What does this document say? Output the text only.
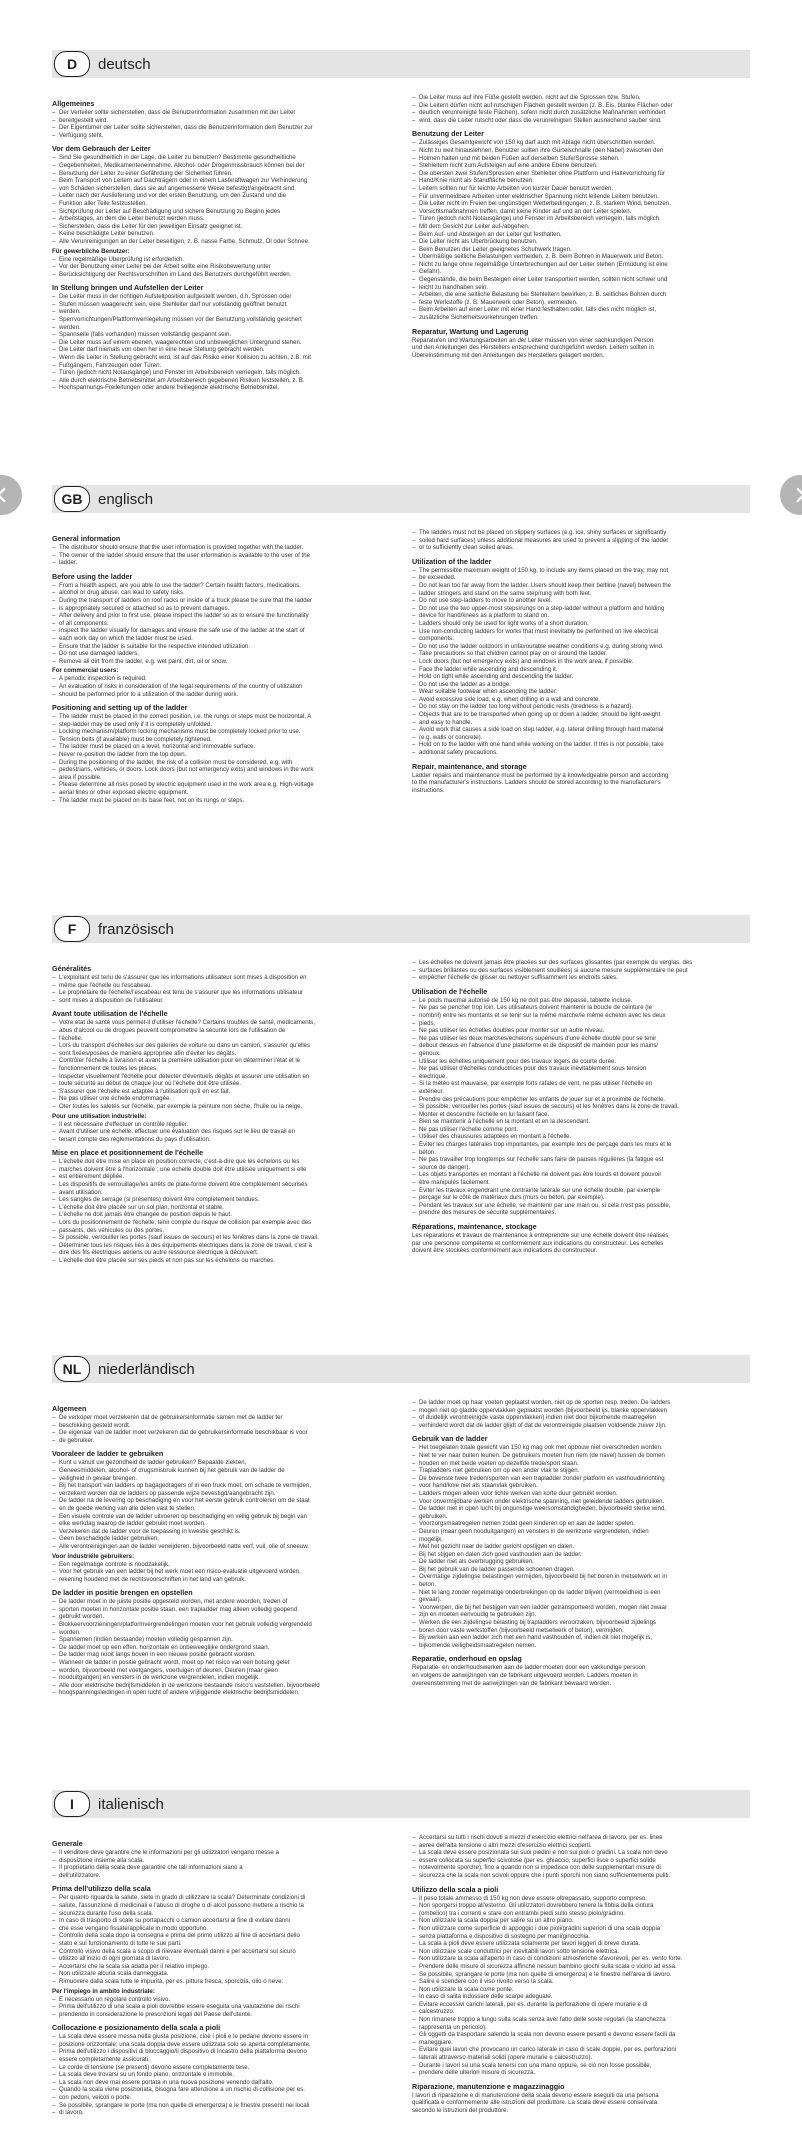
D	deutsch
Allgemeines
– Der Verteiler sollte sicherstellen, dass die Benutzerinformation zusammen mit der Leiter
– bereitgestellt wird.
– Der Eigentümer der Leiter sollte sicherstellen, dass die Benutzerinformation dem Benutzer zur
– Verfügung steht.
Vor dem Gebrauch der Leiter
– Sind Sie gesundheitlich in der Lage, die Leiter zu benutzen? Bestimmte gesundheitliche
– Gegebenheiten, Medikamenteneinnahme, Alkohol- oder Drogenmissbrauch können bei der
– Benutzung der Leiter zu einer Gefährdung der Sicherheit führen.
– Beim Transport von Leitern auf Dachträgern oder in einem Lastkraftwagen zur Verhinderung
– von Schäden sicherstellen, dass sie auf angemessene Weise befestigt/angebracht sind.
– Leiter nach der Auslieferung und vor der ersten Benutzung, um den Zustand und die
– Funktion aller Teile festzustellen.
– Sichtprüfung der Leiter auf Beschädigung und sichere Benutzung zu Beginn jedes
– Arbeitstages, an dem die Leiter benutzt werden muss.
– Sicherstellen, dass die Leiter für den jeweiligen Einsatz geeignet ist.
– Keine beschädigte Leiter benutzen.
– Alle Verunreinigungen an der Leiter beseitigen, z. B. nasse Farbe, Schmutz, Öl oder Schnee.
Für gewerbliche Benutzer:
– Eine regelmäßige Überprüfung ist erforderlich.
– Vor der Benutzung einer Leiter bei der Arbeit sollte eine Risikobewertung unter
– Berücksichtigung der Rechtsvorschriften im Land des Benutzers durchgeführt werden.
In Stellung bringen und Aufstellen der Leiter
– Die Leiter muss in der richtigen Aufstellposition aufgestellt werden, d.h. Sprossen oder
– Stufen müssen waagerecht sein, eine Stehleiter darf nur vollständig geöffnet benutzt
– werden.
– Sperrvorrichtungen/Plattformverriegelung müssen vor der Benutzung vollständig gesichert
– werden.
– Spannseile (falls vorhanden) müssen vollständig gespannt sein.
– Die Leiter muss auf einem ebenen, waagerechten und unbeweglichen Untergrund stehen.
– Die Leiter darf niemals von oben her in eine neue Stellung gebracht werden.
– Wenn die Leiter in Stellung gebracht wird, ist auf das Risiko einer Kollision zu achten, z.B. mit
– Fußgängern, Fahrzeugen oder Türen.
– Türen (jedoch nicht Notausgänge) und Fenster im Arbeitsbereich verriegeln, falls möglich.
– Alle durch elektrische Betriebsmittel am Arbeitsbereich gegebenen Risiken feststellen, z. B.
– Hochspannungs-Freileitungen oder andere freiliegende elektrische Betriebsmittel.
– Die Leiter muss auf ihre Füße gestellt werden, nicht auf die Sprossen bzw. Stufen.
– Die Leitern dürfen nicht auf rutschigen Flächen gestellt werden (z. B. Eis, blanke Flächen oder
– deutlich verunreinigte feste Flächen), sofern nicht durch zusätzliche Maßnahmen verhindert
– wird, dass die Leiter rutscht oder dass die verunreinigten Stellen ausreichend sauber sind.
Benutzung der Leiter
– Zulässiges Gesamtgewicht von 150 kg darf auch mit Ablage nicht überschritten werden.
– Nicht zu weit hinauslehnen, Benutzer sollten ihre Gürtelschnalle (den Nabel) zwischen den
– Holmen halten und mit beiden Füßen auf derselben Stufe/Sprosse stehen.
– Stehleitern nicht zum Aufsteigen auf eine andere Ebene benutzen.
– Die obersten zwei Stufen/Sprossen einer Stehleiter ohne Plattform und Haltevorrichtung für
– Hand/Knie nicht als Standfläche benutzen.
– Leitern sollten nur für leichte Arbeiten von kurzer Dauer benutzt werden.
– Für unvermeidbare Arbeiten unter elektrischer Spannung nicht leitende Leitern benutzen.
– Die Leiter nicht im Freien bei ungünstigen Wetterbedingungen, z. B. starkem Wind, benutzen.
– Vorsichtsmaßnahmen treffen, damit keine Kinder auf und an der Leiter spielen.
– Türen (jedoch nicht Notausgänge) und Fenster im Arbeitsbereich verriegeln, falls möglich.
– Mit dem Gesicht zur Leiter auf-/abgehen.
– Beim Auf- und Absteigen an der Leiter gut festhalten.
– Die Leiter nicht als Überbrückung benutzen.
– Beim Benutzen der Leiter geeignetes Schuhwerk tragen.
– Übermäßige seitliche Belastungen vermeiden, z. B. beim Bohren in Mauerwerk und Beton.
– Nicht zu lange ohne regelmäßige Unterbrechungen auf der Leiter stehen (Ermüdung ist eine
– Gefahr).
– Gegenstände, die beim Besteigen einer Leiter transportiert werden, sollten nicht schwer und
– leicht zu handhaben sein.
– Arbeiten, die eine seitliche Belastung bei Stehleitern bewirken, z. B. seitliches Bohren durch
– feste Werkstoffe (z. B. Mauerwerk oder Beton), vermeiden.
– Beim Arbeiten auf einer Leiter mit einer Hand festhalten oder, falls dies nicht möglich ist,
– zusätzliche Sicherheitsvorkehrungen treffen.
Reparatur, Wartung und Lagerung

Reparaturen und Wartungsarbeiten an der Leiter müssen von einer sachkundigen Person
und den Anleitungen des Herstellers entsprechend durchgeführt werden. Leitern sollten in
Übereinstimmung mit den Anleitungen des Herstellers gelagert werden.

GB	englisch
General information
– The distributor should ensure that the user information is provided together with the ladder.
– The owner of the ladder should ensure that the user information is available to the user of the
– ladder.
Before using the ladder
– From a health aspect, are you able to use the ladder? Certain health factors, medications,
– alcohol or drug abuse, can lead to safety risks.
– During the transport of ladders on roof racks or inside of a truck please be sure that the ladder
– is appropriately secured or attached so as to prevent damages.
– After delivery and prior to first use, please inspect the ladder so as to ensure the functionality
– of all components.
– Inspect the ladder visually for damages and ensure the safe use of the ladder at the start of
– each work day on which the ladder must be used.
– Ensure that the ladder is suitable for the respective intended utilization.
– Do not use damaged ladders.
– Remove all dirt from the ladder, e.g. wet paint, dirt, oil or snow.
For commercial users:
– A periodic inspection is required.
– An evaluation of risks in consideration of the legal requirements of the country of utilization
– should be performed prior to a utilization of the ladder during work.
Positioning and setting up of the ladder
– The ladder must be placed in the correct position, i.e. the rungs or steps must be horizontal. A
– step-ladder may be used only if it is completely unfolded.
– Locking mechanism/platform locking mechanisms must be completely locked prior to use.
– Tension belts (if available) must be completely tightened.
– The ladder must be placed on a level, horizontal and immovable surface.
– Never re-position the ladder from the top down.
– During the positioning of the ladder, the risk of a collision must be considered, e.g. with
– pedestrians, vehicles, or doors. Lock doors (but not emergency exits) and windows in the work
– area if possible.
– Please determine all risks posed by electric equipment used in the work area e.g. High-voltage
– aerial lines or other exposed electric equipment.
– The ladder must be placed on its base feet, not on its rungs or steps.
– The ladders must not be placed on slippery surfaces (e.g. ice, shiny surfaces or significantly
– soiled hard surfaces) unless additional measures are used to prevent a slipping of the ladder
– or to sufficiently clean soiled areas.
Utilization of the ladder
– The permissible maximum weight of 150 kg, to include any items placed on the tray, may not
– be exceeded.
– Do not lean too far away from the ladder. Users should keep their beltline (navel) between the
– ladder stringers and stand on the same step/rung with both feet.
– Do not use step-ladders to move to another level.
– Do not use the two upper-most steps/rungs on a step-ladder without a platform and holding
– device for hand/knees as a platform to stand on.
– Ladders should only be used for light works of a short duration.
– Use non-conducting ladders for works that must inevitably be performed on live electrical
– components.
– Do not use the ladder outdoors in unfavourable weather conditions e.g. during strong wind.
– Take precautions so that children cannot play on or around the ladder.
– Lock doors (but not emergency exits) and windows in the work area, if possible.
– Face the ladder while ascending and descending it.
– Hold on tight while ascending and descending the ladder.
– Do not use the ladder as a bridge.
– Wear suitable footwear when ascending the ladder.
– Avoid excessive side load, e.g. when drilling in a wall and concrete.
– Do not stay on the ladder too long without periodic rests (tiredness is a hazard).
– Objects that are to be transported when going up or down a ladder, should be light-weight
– and easy to handle.
– Avoid work that causes a side load on step ladder, e.g. lateral drilling through hard material
– (e.g. walls or concrete).
– Hold on to the ladder with one hand while working on the ladder. If this is not possible, take
– additional safety precautions.
Repair, maintenance, and storage

Ladder repairs and maintenance must be performed by a knowledgeable person and according
to the manufacturer's instructions. Ladders should be stored according to the manufacturer's
instructions.

F	französisch
Généralités
– L'exploitant est tenu de s'assurer que les informations utilisateur sont mises à disposition en
– même que l'échelle ou l'escabeau.
– Le propriétaire de l'échelle/l'escabeau est tenu de s'assurer que les informations utilisateur
– sont mises à disposition de l'utilisateur.
Avant toute utilisation de l'échelle
– Votre état de santé vous permet-il d'utiliser l'échelle? Certains troubles de santé, médicaments,
– abus d'alcool ou de drogues peuvent compromettre la sécurité lors de l'utilisation de
– l'échelle.
– Lors du transport d'échelles sur des galeries de voiture ou dans un camion, s'assurer qu'elles
– sont fixées/posées de manière appropriée afin d'éviter les dégâts.
– Contrôler l'échelle à livraison et avant la première utilisation pour en déterminer l'état et le
– fonctionnement de toutes les pièces.
– Inspecter visuellement l'échelle pour détecter d'éventuels dégâts et assurer une utilisation en
– toute sécurité au début de chaque jour où l'échelle doit être utilisée.
– S'assurer que l'échelle est adaptée à l'utilisation qu'il en est fait.
– Ne pas utiliser une échelle endommagée.
– Ôter toutes les saletés sur l'échelle, par exemple la peinture non sèche, l'huile ou la neige.
Pour une utilisation industrielle:
– Il est nécessaire d'effectuer un contrôle régulier.
– Avant d'utiliser une échelle, effectuer une évaluation des risques sur le lieu de travail en
– tenant compte des réglementations du pays d'utilisation.
Mise en place et positionnement de l'échelle
– L'échelle doit être mise en place en position correcte, c'est-à-dire que les échelons ou les
– marches doivent être à l'horizontale ; une échelle double doit être utilisée uniquement si elle
– est entièrement dépliée.
– Les dispositifs de verrouillage/les arrêts de plate-forme doivent être complètement sécurisés
– avant utilisation.
– Les sangles de serrage (si présentes) doivent être complètement tendues.
– L'échelle doit être placée sur un sol plan, horizontal et stable.
– L'échelle ne doit jamais être changée de position depuis le haut.
– Lors du positionnement de l'échelle, tenir compte du risque de collision par exemple avec des
– passants, des véhicules ou des portes.
– Si possible, verrouiller les portes (sauf issues de secours) et les fenêtres dans la zone de travail.
– Déterminer tous les risques liés à des équipements électriques dans la zone de travail, c'est à
– dire des fils électriques aériens ou autre ressource électrique à découvert.
– L'échelle doit être placée sur ses pieds et non pas sur les échelons ou marches.
– Les échelles ne doivent jamais être placées sur des surfaces glissantes (par exemple du verglas, des
– surfaces brillantes ou des surfaces visiblement souillées) si aucune mesure supplémentaire ne peut
– empêcher l'échelle de glisser ou nettoyer suffisamment les endroits sales.
Utilisation de l'échelle
– Le poids maximal autorisé de 150 kg ne doit pas être dépassé, tablette incluse.
– Ne pas se pencher trop loin. Les utilisateurs doivent maintenir la boucle de ceinture (le
– nombril) entre les montants et se tenir sur la même marche/le même échelon avec les deux
– pieds.
– Ne pas utiliser les échelles doubles pour monter sur un autre niveau.
– Ne pas utiliser les deux marches/échelons supérieurs d'une échelle double pour se tenir
– debout dessus en l'absence d'une plateforme et de dispositif de maintien pour les mains/
– genoux.
– Utiliser les échelles uniquement pour des travaux légers de courte durée.
– Ne pas utiliser d'échelles conductrices pour des travaux inévitablement sous tension
– électrique.
– Si la météo est mauvaise, par exemple forts rafales de vent, ne pas utiliser l'échelle en
– extérieur.
– Prendre des précautions pour empêcher les enfants de jouer sur et à proximité de l'échelle.
– Si possible, verrouiller les portes (sauf issues de secours) et les fenêtres dans la zone de travail.
– Monter et descendre l'échelle en lui faisant face.
– Bien se maintenir à l'échelle en la montant et en la descendant.
– Ne pas utiliser l'échelle comme pont.
– Utiliser des chaussures adaptées en montant à l'échelle.
– Éviter les charges latérales trop importantes, par exemple lors de perçage dans les murs et le
– béton.
– Ne pas travailler trop longtemps sur l'échelle sans faire de pauses régulières (la fatigue est
– source de danger).
– Les objets transportés en montant à l'échelle ne doivent pas être lourds et doivent pouvoir
– être manipulés facilement.
– Éviter les travaux engendrant une contrainte latérale sur une échelle double, par exemple
– perçage sur le côté de matériaux durs (murs ou béton, par exemple).
– Pendant les travaux sur une échelle, se maintenir par une main ou, si cela n'est pas possible,
– prendre des mesures de sécurité supplémentaires.
Réparations, maintenance, stockage

Les réparations et travaux de maintenance à entreprendre sur une échelle doivent être réalisés
par une personne compétente et conformément aux indications du constructeur. Les échelles
doivent être stockées conformément aux indications du constructeur.

NL	niederländisch
Algemeen
– De verkoper moet verzekeren dat de gebruikersinformatie samen met de ladder ter
– beschikking gesteld wordt.
– De eigenaar van de ladder moet verzekeren dat de gebruikersinformatie beschikbaar is voor
– de gebruiker.
Vooraleer de ladder te gebruiken
– Kunt u vanuit uw gezondheid de ladder gebruiken? Bepaalde ziekten,
– Geneesmiddelen, alcohol- of drugsmisbruik kunnen bij het gebruik van de ladder de
– veiligheid in gevaar brengen.
– Bij het transport van ladders op bagagedragers of in een truck moet, om schade te vermijden,
– verzekerd worden dat de ladders op passende wijze bevestigd/aangebracht zijn.
– De ladder na de levering op beschadiging en voor het eerste gebruik controleren om de staat
– en de goede werking van alle delen vast te stellen.
– Een visuele controle van de ladder uitvoeren op beschadiging en veilig gebruik bij begin van
– elke werkdag waarop de ladder gebruikt moet worden.
– Verzekeren dat de ladder voor de toepassing in kwestie geschikt is.
– Geen beschadigde ladder gebruiken.
– Alle verontreinigingen aan de ladder verwijderen, bijvoorbeeld natte verf, vuil, olie of sneeuw.
Voor industriële gebruikers:
– Een regelmatige controle is noodzakelijk.
– Voor het gebruik van een ladder bij het werk moet een risico-evaluatie uitgevoerd worden,
– rekening houdend met de rechtsvoorschriften in het land van gebruik.
De ladder in positie brengen en opstellen
– De ladder moet in de juiste positie opgesteld worden, met andere woorden, treden of
– sporten moeten in horizontale positie staan, een trapladder mag alleen volledig geopend
– gebruikt worden.
– Blokkeervoorzieningen/platformvergrendelingen moeten voor het gebruik volledig vergrendeld
– worden.
– Spanriemen (indien bestaande) moeten volledig gespannen zijn.
– De ladder moet op een effen, horizontale en onbeweeglijke ondergrond staan.
– De ladder mag nooit langs boven in een nieuwe positie gebracht worden.
– Wanneer de ladder in positie gebracht wordt, moet op het risico van een botsing gelet
– worden, bijvoorbeeld met voetgangers, voertuigen of deuren. Deuren (maar geen
– nooduitgangen) en vensters in de werkzone vergrendelen, indien mogelijk.
– Alle door elektrische bedrijfsmiddelen in de werkzone bestaande risico's vaststellen, bijvoorbeeld
– hoogspanningsleidingen in open lucht of andere vrijliggende elektrische bedrijfsmiddelen.
– De ladder moet op haar voeten geplaatst worden, niet op de sporten resp. treden. De ladders
– mogen niet op gladde oppervlakken geplaatst worden (bijvoorbeeld ijs, blanke oppervlakken
– of duidelijk verontreinigde vaste oppervlakken) indien niet door bijkomende maatregelen
– verhinderd wordt dat de ladder glijdt of dat de verontreinigde plaatsen voldoende zuiver zijn.
Gebruik van de ladder
– Het toegelaten totale gewicht van 150 kg mag ook met opbouw niet overschreden worden.
– Niet te ver naar buiten leunen. De gebruikers moeten hun riem (de navel) tussen de bomen
– houden en met beide voeten op dezelfde trede/sport staan.
– Trapladders niet gebruiken om op een ander vlak te stijgen.
– De bovenste twee treden/sporten van een trapladder zonder platform en vasthoudinrichting
– voor hand/knie niet als staanvlak gebruiken.
– Ladders mogen alleen voor lichte werken van korte duur gebruikt worden.
– Voor onvermijdbare werken onder elektrische spanning, niet geleidende ladders gebruiken.
– De ladder niet in open lucht bij ongunstige weersomstandigheden, bijvoorbeeld sterke wind,
– gebruiken.
– Voorzorgsmaatregelen nemen zodat geen kinderen op en aan de ladder spelen.
– Deuren (maar geen nooduitgangen) en vensters in de werkzone vergrendelen, indien
– mogelijk.
– Met het gezicht naar de ladder gericht opstijgen en dalen.
– Bij het stijgen en dalen zich goed vasthouden aan de ladder.
– De ladder niet als overbrugging gebruiken.
– Bij het gebruik van de ladder passende schoenen dragen.
– Overmatige zijdelingse belastingen vermijden, bijvoorbeeld bij het boren in metselwerk en in
– beton.
– Niet te lang zonder regelmatige onderbrekingen op de ladder blijven (vermoeidheid is een
– gevaar).
– Voorwerpen, die bij het bestijgen van een ladder getransporteerd worden, mogen niet zwaar
– zijn en moeten eenvoudig te gebruiken zijn.
– Werken die een zijdelingse belasting bij trapladders veroorzaken, bijvoorbeeld zijdelings
– boren door vaste werkstoffen (bijvoorbeeld metselwerk of beton), vermijden.
– Bij werken aan een ladder zich met een hand vasthouden of, indien dit niet mogelijk is,
– bijkomende veiligheidsmaatregelen nemen.
Reparatie, onderhoud en opslag

Reparatie- en onderhoudswerken aan de ladder moeten door een vakkundige persoon
en volgens de aanwijzingen van de fabrikant uitgevoerd worden. Ladders moeten in
overeenstemming met de aanwijzingen van de fabrikant bewaard worden.

I	italienisch
Generale
– Il venditore deve garantire che le informazioni per gli utilizzatori vengano messe a
– disposizione insieme alla scala.
– Il proprietario della scala deve garantire che tali informazioni siano a
– dell'utilizzatore.
Prima dell'utilizzo della scala
– Per quanto riguarda la salute, siete in grado di utilizzare la scala? Determinate condizioni di
– salute, l'assunzione di medicinali e l'abuso di droghe o di alcol possono mettere a rischio la
– sicurezza durante l'uso della scala.
– In caso di trasporto di scale su portapacchi o camion accertarsi al fine di evitare danni
– che esse vengano fissate/applicate in modo opportuno.
– Controllo della scala dopo la consegna e prima del primo utilizzo al fine di accertarsi dello
– stato e sul funzionamento di tutte le sue parti.
– Controllo visivo della scala a scopo di rilevare eventuali danni e per accertarsi sul sicuro
– utilizzo all'inizio di ogni giornata di lavoro.
– Accertarsi che la scala sia adatta per il relativo impiego.
– Non utilizzare alcuna scala danneggiata.
– Rimuovere dalla scala tutte le impurità, per es. pittura fresca, sporcizia, olio o neve.
Per l'impiego in ambito industriale:
– È necessario un regolare controllo visivo.
– Prima dell'utilizzo di una scala a pioli dovrebbe essere eseguita una valutazione dei rischi
– prendendo in considerazione le prescrizioni legali del Paese dell'utente.
Collocazione e posizionamento della scala a pioli
– La scala deve essere messa nella giusta posizione, cioè i pioli e le pedane devono essere in
– posizione orizzontale; una scala doppia deve essere utilizzata solo se aperta completamente.
– Prima dell'utilizzo i dispositivi di bloccaggio/il dispositivo di incastro della piattaforma devono
– essere completamente assicurati.
– Le corde di tensione (se presenti) devono essere completamente tese.
– La scala deve trovarsi su un fondo piano, orizzontale e immobile.
– La scala non deve mai essere portata in una nuova posizione venendo dall'alto.
– Quando la scala viene posizionata, bisogna fare attenzione a un rischio di collisione per es.
– con pedoni, veicoli o porte.
– Se possibile, sprangare le porte (ma non quelle di emergenza) e le finestre presenti nei locali
– di lavoro.
– Accertarsi su tutti i rischi dovuti a mezzi d'esercizio elettrici nell'area di lavoro, per es. linee
– aeree dell'alta tensione o altri mezzi d'esercizio elettrici scoperti.
– La scala deve essere posizionata sui suoi piedini e non sui pioli o gradini. La scala non deve
– essere collocata su superfici scivolose (per es. ghiaccio, superfici lisce o superfici solide
– notevolmente sporche), fino a quando non si impedisce con delle supplementari misure di
– sicurezza che la scala non scivoli oppure che i punti sporchi non siano sufficientemente puliti.
Utilizzo della scala a pioli
– Il peso totale ammesso di 150 kg non deve essere oltrepassato, supporto compreso.
– Non sporgersi troppo all'esterno. Gli utilizzatori dovrebbero tenere la fibbia della cintura
– (ombelico) tra i correnti e stare con entrambi piedi sullo stesso piolo/gradino.
– Non utilizzare la scala doppia per salire su un altro piano.
– Non utilizzare come superficie di appoggio i due pioli/gradini superiori di una scala doppia
– senza piattaforma e dispositivo di sostegno per mani/ginocchia.
– La scala a pioli deve essere utilizzata solamente per lavori leggeri di breve durata.
– Non utilizzare scale conduttrici per inevitabili lavori sotto tensione elettrica.
– Non utilizzare la scala all'aperto in caso di condizioni atmosferiche sfavorevoli, per es. vento forte.
– Prendere delle misure di sicurezza affinché nessun bambino giochi sulla scala o vicino ad essa.
– Se possibile, sprangare le porte (ma non quelle di emergenza) e le finestre nell'area di lavoro.
– Salire e scendere con il viso rivolto verso la scala.
– Non utilizzare la scala come ponte.
– In caso di salita indossare delle scarpe adeguate.
– Evitare eccessivi carichi laterali, per es. durante la perforazione di opere murarie e di
– calcestruzzo.
– Non rimanere troppo a lungo sulla scala senza aver fatto delle soste regolari (la stanchezza
– rappresenta un pericolo).
– Gli oggetti da trasportare salendo la scala non devono essere pesanti e devono essere facili da
– maneggiare.
– Evitare quei lavori che provocano un carico laterale in caso di scale doppie, per es. perforazioni
– laterali attraverso materiali solidi (opere murarie e calcestruzzo).
– Durante i lavori su una scala tenersi con una mano oppure, se ciò non fosse possibile,
– prendere delle ulteriori misure di sicurezza.
Riparazione, manutenzione e magazzinaggio

I lavori di riparazione e di manutenzione della scala devono essere eseguiti da una persona
qualificata e conformemente alle istruzioni del produttore. La scala deve essere conservata
secondo le istruzioni del produttore.
